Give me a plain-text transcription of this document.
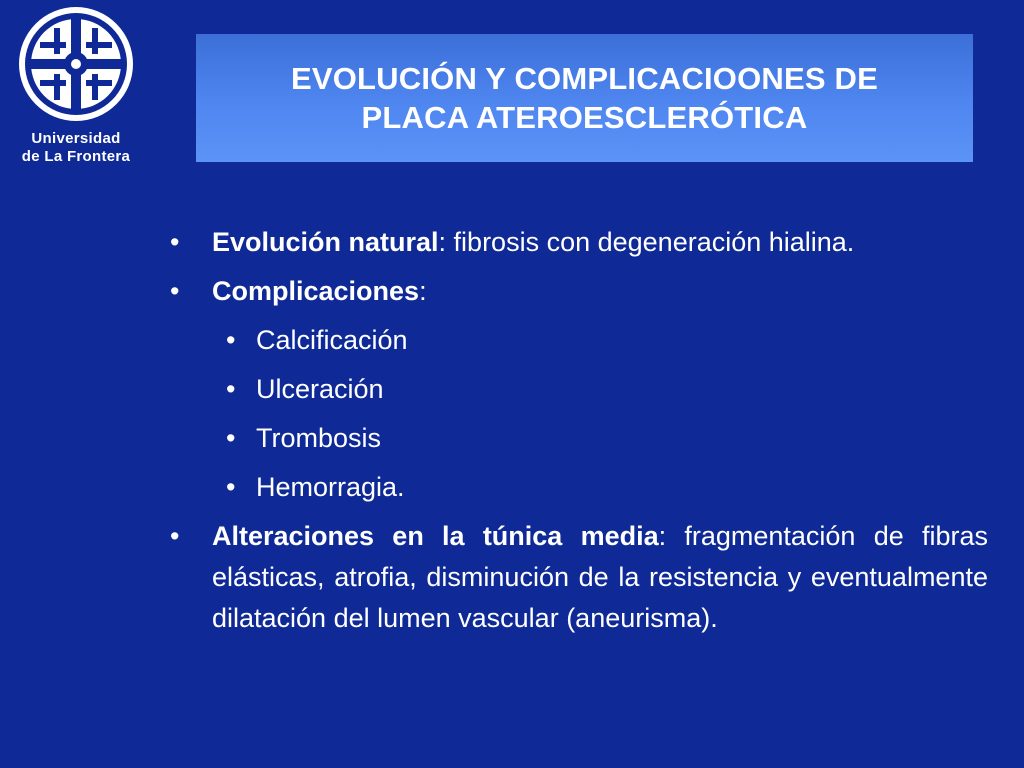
Universidad
de La Frontera
EVOLUCIÓN Y COMPLICACIOONES DE
PLACA ATEROESCLERÓTICA
• Evolución natural: fibrosis con degeneración hialina.
• Complicaciones:
• Calcificación
• Ulceración
• Trombosis
• Hemorragia.
• Alteraciones en la túnica media: fragmentación de fibras elásticas, atrofia, disminución de la resistencia y eventualmente dilatación del lumen vascular (aneurisma).
